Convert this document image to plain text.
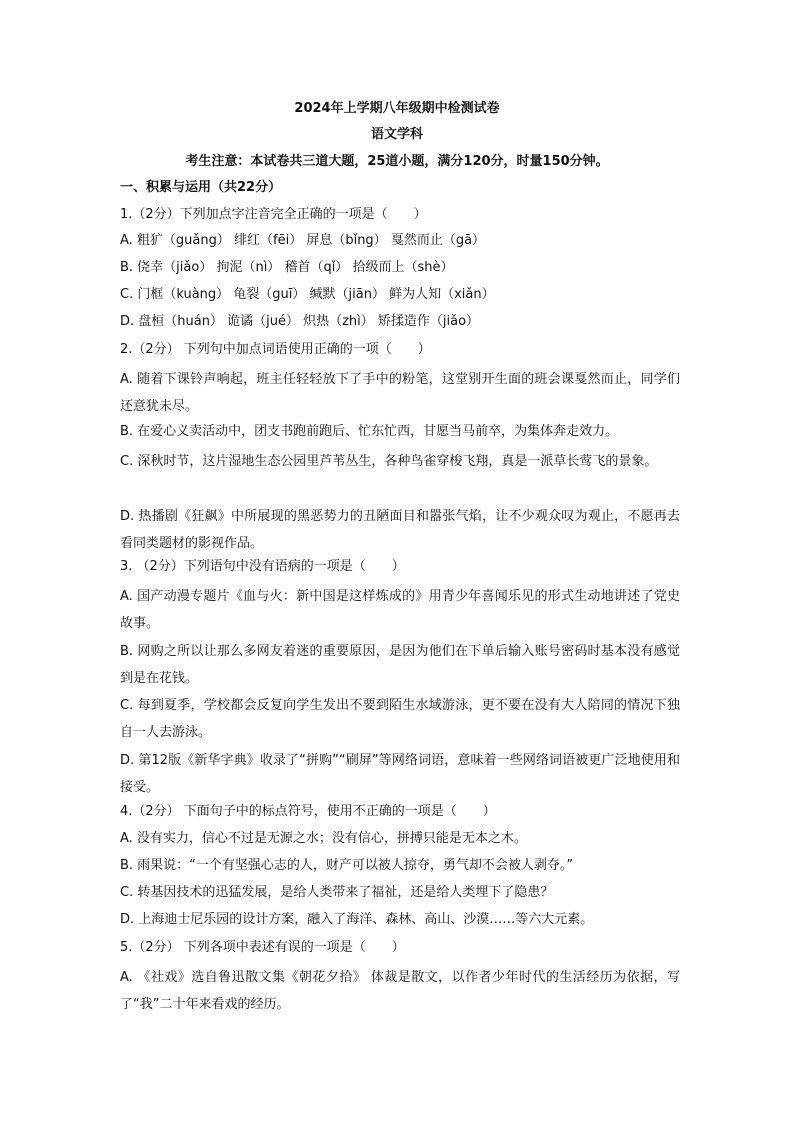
2024年上学期八年级期中检测试卷
语文学科
考生注意：本试卷共三道大题，25道小题，满分120分，时量150分钟。
一、积累与运用（共22分）
1.（2分）下列加点字注音完全正确的一项是（　　）
A. 粗犷（guǎng） 绯红（fēi） 屏息（bǐng） 戛然而止（gā）
B. 侥幸（jiǎo） 拘泥（nì） 稽首（qǐ） 拾级而上（shè）
C. 门框（kuàng） 龟裂（guī） 缄默（jiān） 鲜为人知（xiǎn）
D. 盘桓（huán） 诡谲（jué） 炽热（zhì） 矫揉造作（jiǎo）
2.（2分） 下列句中加点词语使用正确的一项（　　）
A. 随着下课铃声响起，班主任轻轻放下了手中的粉笔，这堂别开生面的班会课戛然而止，同学们还意犹未尽。
B. 在爱心义卖活动中，团支书跑前跑后、忙东忙西，甘愿当马前卒，为集体奔走效力。
C. 深秋时节，这片湿地生态公园里芦苇丛生，各种鸟雀穿梭飞翔，真是一派草长莺飞的景象。
D. 热播剧《狂飙》中所展现的黑恶势力的丑陋面目和嚣张气焰，让不少观众叹为观止，不愿再去看同类题材的影视作品。
3. （2分）下列语句中没有语病的一项是（　　）
A. 国产动漫专题片《血与火：新中国是这样炼成的》用青少年喜闻乐见的形式生动地讲述了党史故事。
B. 网购之所以让那么多网友着迷的重要原因，是因为他们在下单后输入账号密码时基本没有感觉到是在花钱。
C. 每到夏季，学校都会反复向学生发出不要到陌生水域游泳，更不要在没有大人陪同的情况下独自一人去游泳。
D. 第12版《新华字典》收录了“拼购”“刷屏”等网络词语，意味着一些网络词语被更广泛地使用和接受。
4.（2分） 下面句子中的标点符号，使用不正确的一项是（　　）
A. 没有实力，信心不过是无源之水；没有信心，拼搏只能是无本之木。
B. 雨果说：“一个有坚强心志的人，财产可以被人掠夺，勇气却不会被人剥夺。”
C. 转基因技术的迅猛发展，是给人类带来了福祉，还是给人类埋下了隐患？
D. 上海迪士尼乐园的设计方案，融入了海洋、森林、高山、沙漠……等六大元素。
5.（2分） 下列各项中表述有误的一项是（　　）
A. 《社戏》选自鲁迅散文集《朝花夕拾》 体裁是散文，以作者少年时代的生活经历为依据，写了“我”二十年来看戏的经历。
